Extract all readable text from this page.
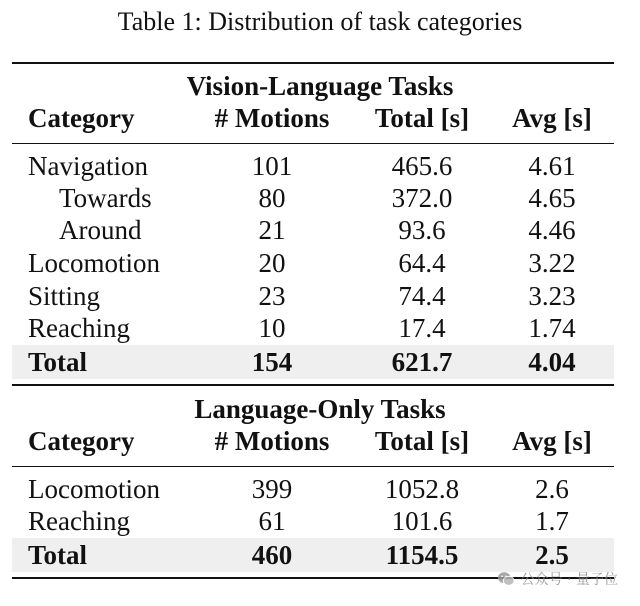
Table 1: Distribution of task categories
Vision-Language Tasks
Category	# Motions	Total [s]	Avg [s]
Navigation	101	465.6	4.61
Towards	80	372.0	4.65
Around	21	93.6	4.46
Locomotion	20	64.4	3.22
Sitting	23	74.4	3.23
Reaching	10	17.4	1.74
Total	154	621.7	4.04
Language-Only Tasks
Category	# Motions	Total [s]	Avg [s]
Locomotion	399	1052.8	2.6
Reaching	61	101.6	1.7
Total	460	1154.5	2.5
公众号 · 量子位
